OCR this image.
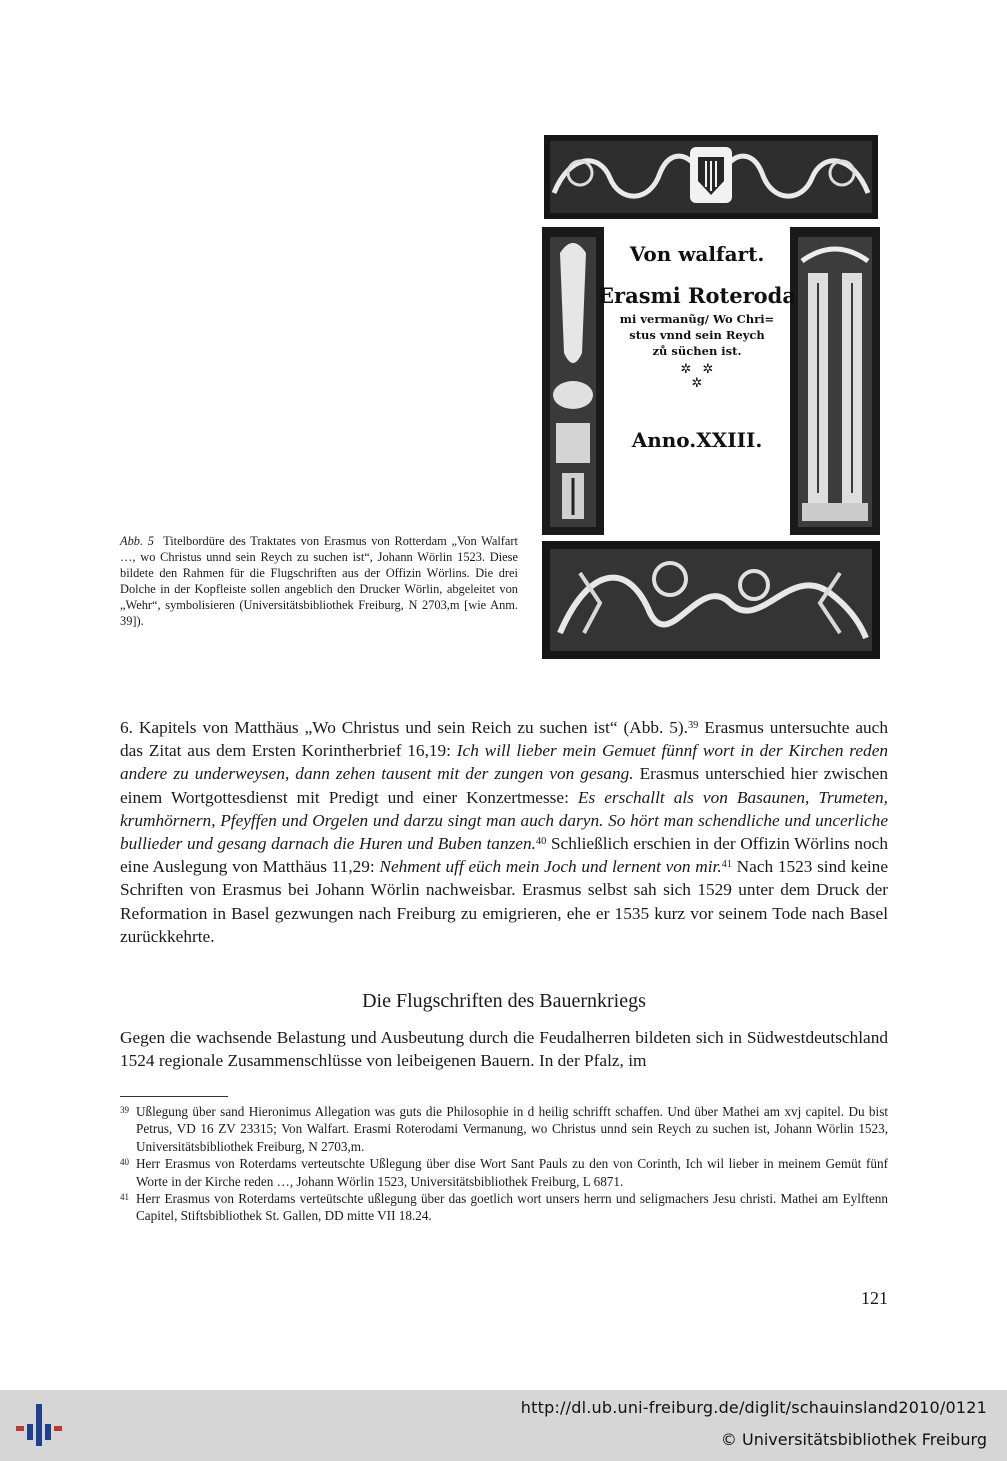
Von walfart.
Erasmi Roteroda
mi vermanũg/ Wo Chri=
stus vnnd sein Reych
zů süchen ist.
✲ ✲
✲
Anno.XXIII.
Abb. 5 Titelbordüre des Traktates von Erasmus von Rotterdam „Von Walfart …, wo Christus unnd sein Reych zu suchen ist“, Johann Wörlin 1523. Diese bildete den Rahmen für die Flugschriften aus der Offizin Wörlins. Die drei Dolche in der Kopfleiste sollen angeblich den Drucker Wörlin, abgeleitet von „Wehr“, symbolisieren (Universitätsbibliothek Freiburg, N 2703,m [wie Anm. 39]).
6. Kapitels von Matthäus „Wo Christus und sein Reich zu suchen ist“ (Abb. 5).$^{39}$ Erasmus untersuchte auch das Zitat aus dem Ersten Korintherbrief 16,19: Ich will lieber mein Gemuet fünnf wort in der Kirchen reden andere zu underweysen, dann zehen tausent mit der zungen von gesang. Erasmus unterschied hier zwischen einem Wortgottesdienst mit Predigt und einer Konzertmesse: Es erschallt als von Basaunen, Trumeten, krumhörnern, Pfeyffen und Orgelen und darzu singt man auch daryn. So hört man schendliche und uncerliche bullieder und gesang darnach die Huren und Buben tanzen.$^{40}$ Schließlich erschien in der Offizin Wörlins noch eine Auslegung von Matthäus 11,29: Nehment uff eüch mein Joch und lernent von mir.$^{41}$ Nach 1523 sind keine Schriften von Erasmus bei Johann Wörlin nachweisbar. Erasmus selbst sah sich 1529 unter dem Druck der Reformation in Basel gezwungen nach Freiburg zu emigrieren, ehe er 1535 kurz vor seinem Tode nach Basel zurückkehrte.
Die Flugschriften des Bauernkriegs
Gegen die wachsende Belastung und Ausbeutung durch die Feudalherren bildeten sich in Südwestdeutschland 1524 regionale Zusammenschlüsse von leibeigenen Bauern. In der Pfalz, im
39 Ußlegung über sand Hieronimus Allegation was guts die Philosophie in d heilig schrifft schaffen. Und über Mathei am xvj capitel. Du bist Petrus, VD 16 ZV 23315; Von Walfart. Erasmi Roterodami Vermanung, wo Christus unnd sein Reych zu suchen ist, Johann Wörlin 1523, Universitätsbibliothek Freiburg, N 2703,m.
40 Herr Erasmus von Roterdams verteutschte Ußlegung über dise Wort Sant Pauls zu den von Corinth, Ich wil lieber in meinem Gemüt fünf Worte in der Kirche reden …, Johann Wörlin 1523, Universitätsbibliothek Freiburg, L 6871.
41 Herr Erasmus von Roterdams verteütschte ußlegung über das goetlich wort unsers herrn und seligmachers Jesu christi. Mathei am Eylftenn Capitel, Stiftsbibliothek St. Gallen, DD mitte VII 18.24.
121
http://dl.ub.uni-freiburg.de/diglit/schauinsland2010/0121
© Universitätsbibliothek Freiburg
